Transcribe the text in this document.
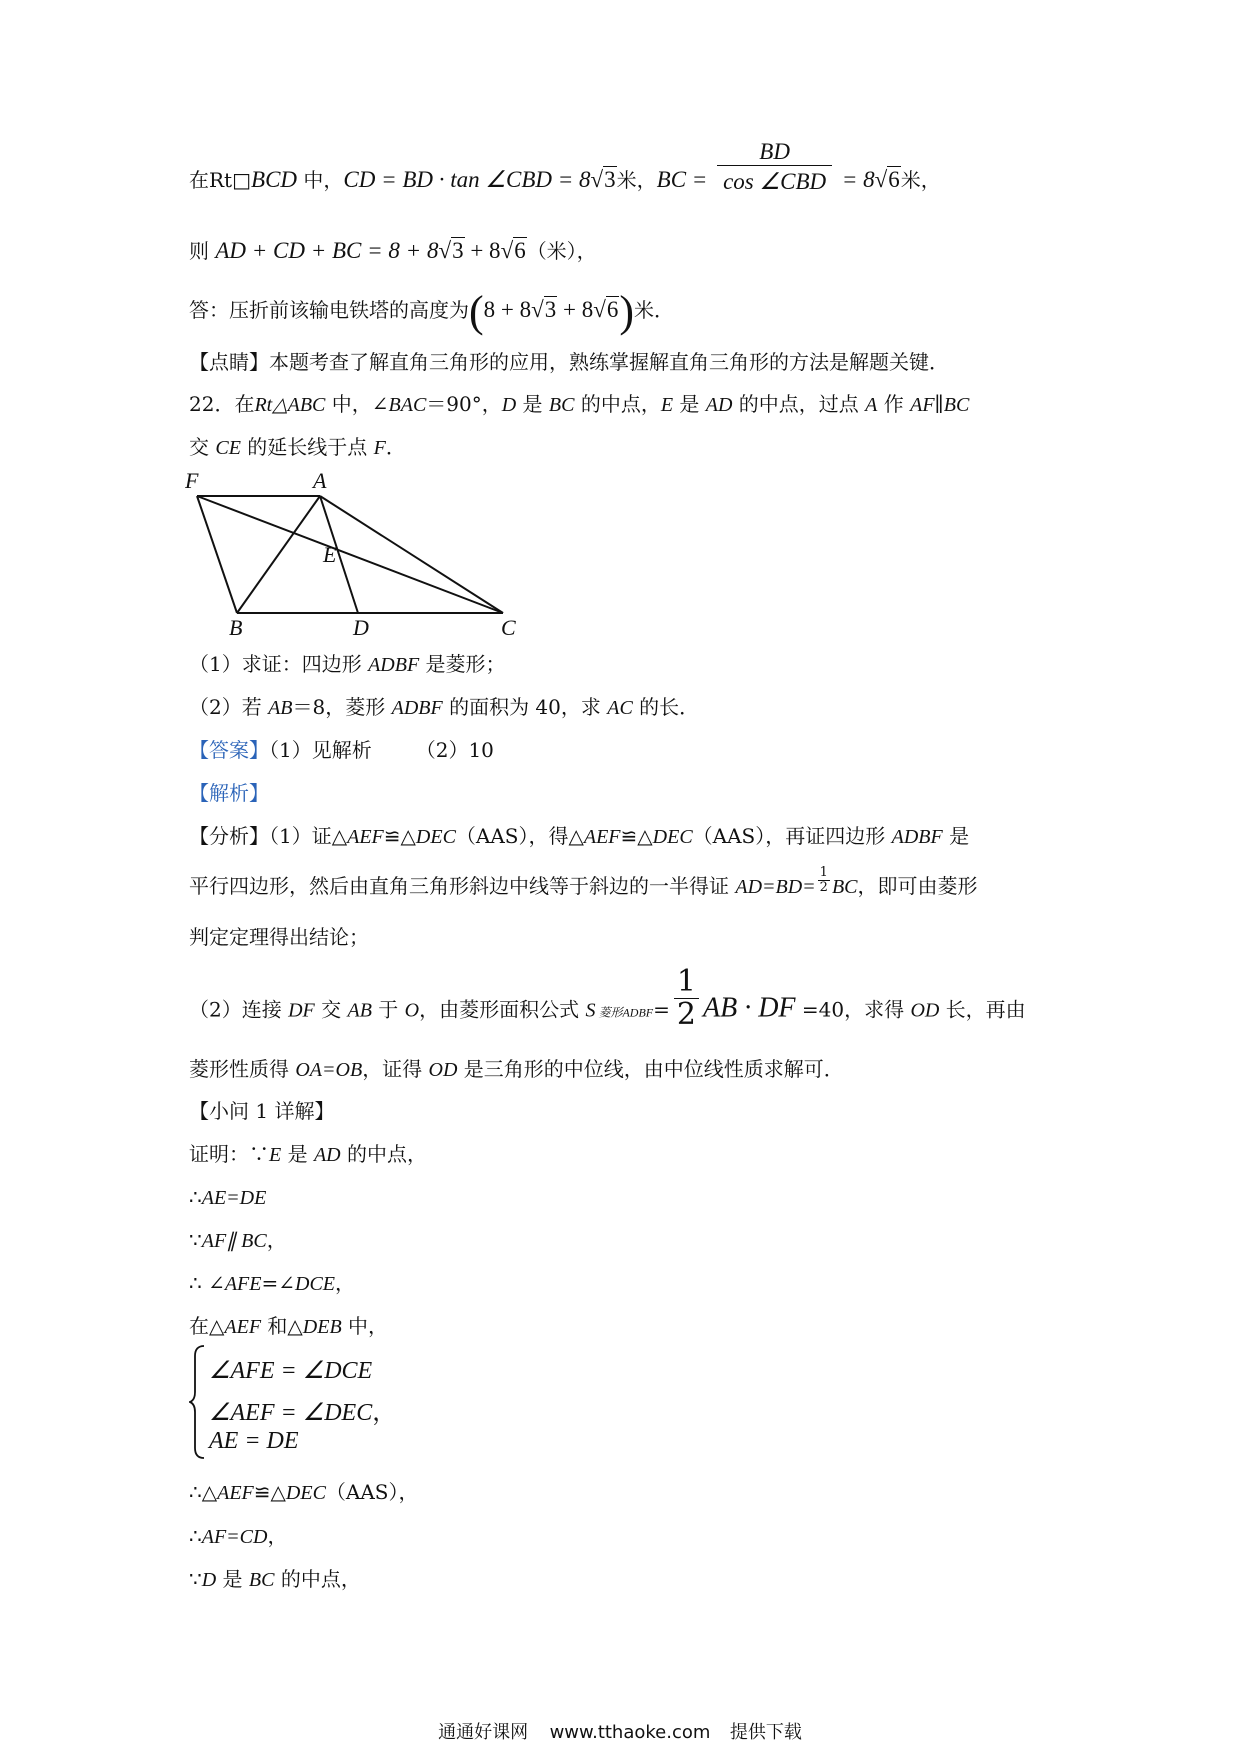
在Rt□BCD 中，CD = BD · tan ∠CBD = 8√3米，BC = $\frac{BD}{\text{cos ∠CBD}} = 8√6$米，
则 AD + CD + BC = 8 + 8√3 + 8√6（米），
答：压折前该输电铁塔的高度为(8 + 8√3 + 8√6)米．
【点睛】本题考查了解直角三角形的应用，熟练掌握解直角三角形的方法是解题关键．
22．在Rt△ABC 中，∠BAC＝90°，D 是 BC 的中点，E 是 AD 的中点，过点 A 作 AF∥BC
交 CE 的延长线于点 F．
F	A
E
B	D	C
（1）求证：四边形 ADBF 是菱形；
（2）若 AB＝8，菱形 ADBF 的面积为 40，求 AC 的长．
【答案】（1）见解析 （2）10
【解析】
【分析】（1）证△AEF≌△DEC（AAS），得△AEF≌△DEC（AAS），再证四边形 ADBF 是
平行四边形，然后由直角三角形斜边中线等于斜边的一半得证 $AD=BD= \frac{1}{2}$ BC，即可由菱形
判定定理得出结论；
（2）连接 DF 交 AB 于 O，由菱形面积公式 S 菱形ADBF= $\frac{1}{2}$ AB · DF =40，求得 OD 长，再由
菱形性质得 OA=OB，证得 OD 是三角形的中位线，由中位线性质求解可．
【小问 1 详解】
证明：∵E 是 AD 的中点，
∴AE=DE
∵AF∥ BC，
∴ ∠AFE=∠DCE，
在△AEF 和△DEB 中，
∠AFE = ∠DCE
∠AEF = ∠DEC，
AE = DE
∴△AEF≌△DEC（AAS），
∴AF=CD，
∵D 是 BC 的中点，
通通好课网 www.tthaoke.com 提供下载
